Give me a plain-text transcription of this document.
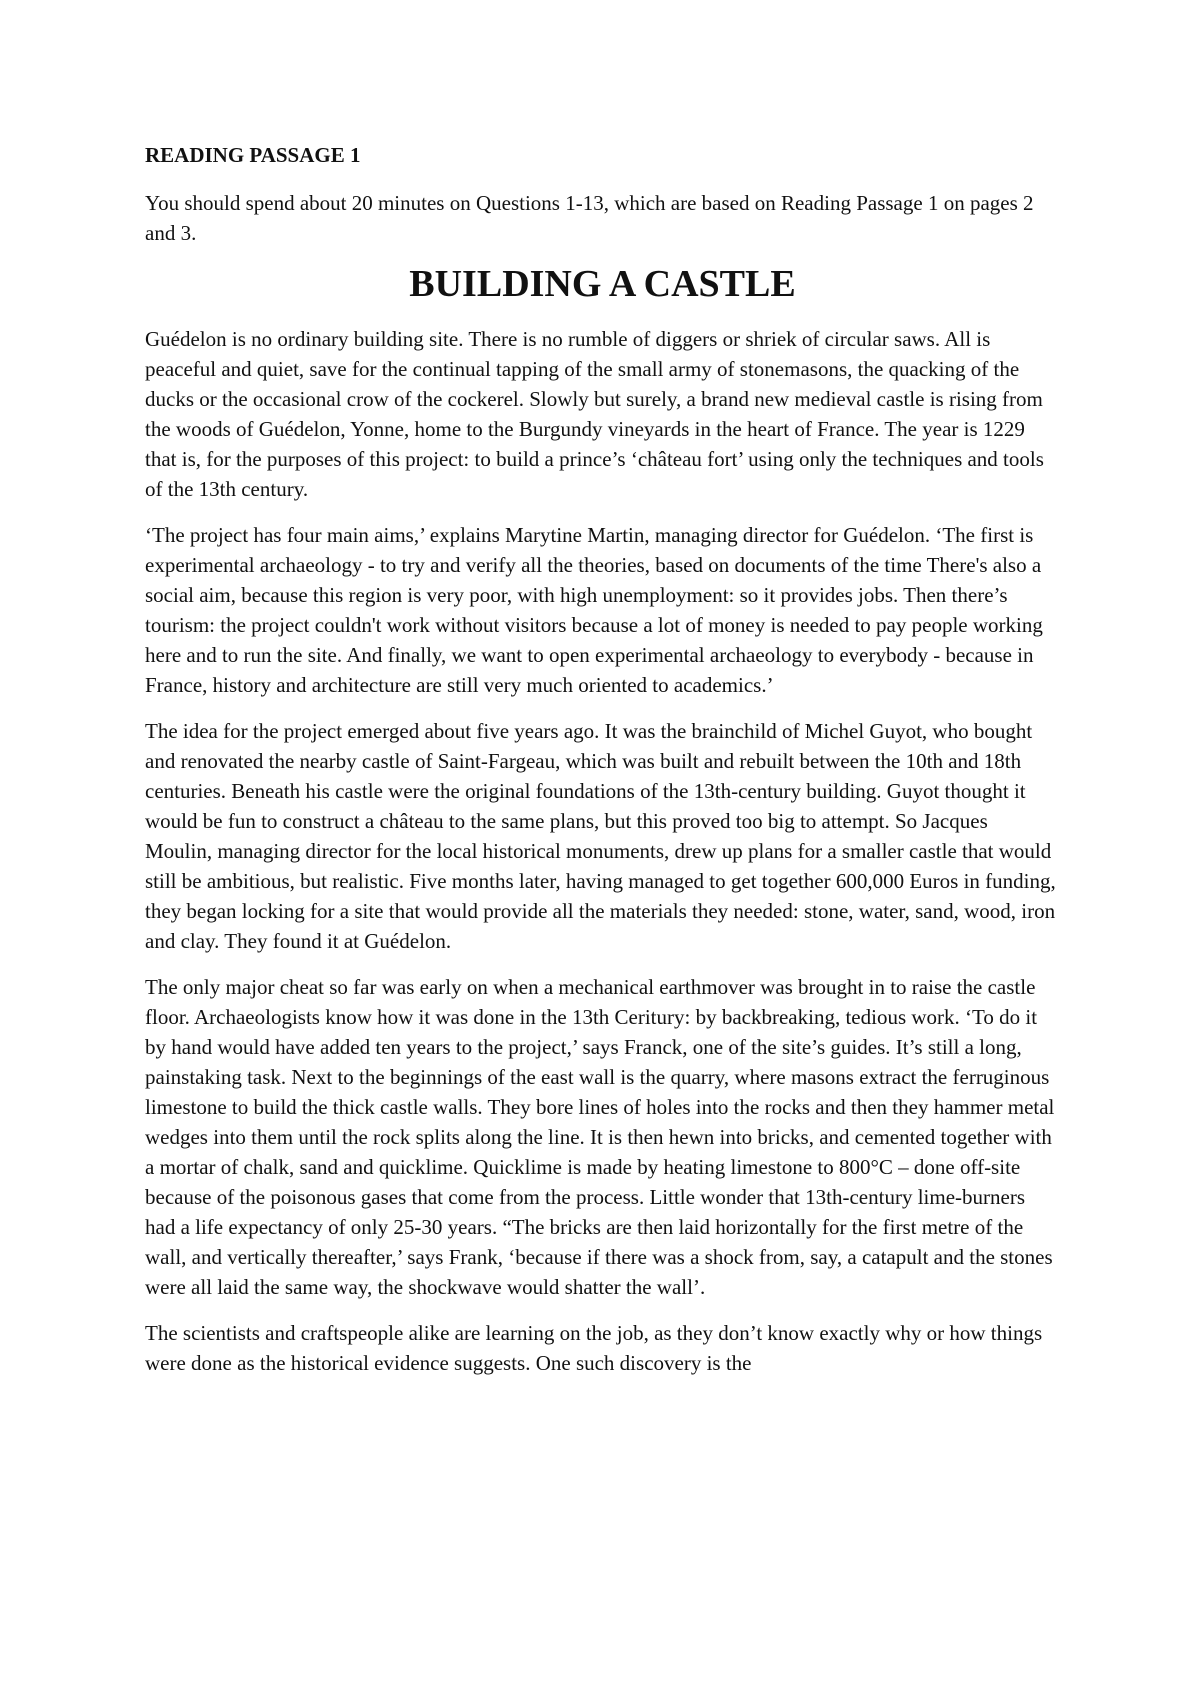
READING PASSAGE 1
You should spend about 20 minutes on Questions 1-13, which are based on Reading Passage 1 on pages 2 and 3.
BUILDING A CASTLE

Guédelon is no ordinary building site. There is no rumble of diggers or shriek of circular saws. All is peaceful and quiet, save for the continual tapping of the small army of stonemasons, the quacking of the ducks or the occasional crow of the cockerel. Slowly but surely, a brand new medieval castle is rising from the woods of Guédelon, Yonne, home to the Burgundy vineyards in the heart of France. The year is 1229 that is, for the purposes of this project: to build a prince’s ‘château fort’ using only the techniques and tools of the 13th century.

‘The project has four main aims,’ explains Marytine Martin, managing director for Guédelon. ‘The first is experimental archaeology - to try and verify all the theories, based on documents of the time There's also a social aim, because this region is very poor, with high unemployment: so it provides jobs. Then there’s tourism: the project couldn't work without visitors because a lot of money is needed to pay people working here and to run the site. And finally, we want to open experimental archaeology to everybody - because in France, history and architecture are still very much oriented to academics.’

The idea for the project emerged about five years ago. It was the brainchild of Michel Guyot, who bought and renovated the nearby castle of Saint-Fargeau, which was built and rebuilt between the 10th and 18th centuries. Beneath his castle were the original foundations of the 13th-century building. Guyot thought it would be fun to construct a château to the same plans, but this proved too big to attempt. So Jacques Moulin, managing director for the local historical monuments, drew up plans for a smaller castle that would still be ambitious, but realistic. Five months later, having managed to get together 600,000 Euros in funding, they began locking for a site that would provide all the materials they needed: stone, water, sand, wood, iron and clay. They found it at Guédelon.

The only major cheat so far was early on when a mechanical earthmover was brought in to raise the castle floor. Archaeologists know how it was done in the 13th Ceritury: by backbreaking, tedious work. ‘To do it by hand would have added ten years to the project,’ says Franck, one of the site’s guides. It’s still a long, painstaking task. Next to the beginnings of the east wall is the quarry, where masons extract the ferruginous limestone to build the thick castle walls. They bore lines of holes into the rocks and then they hammer metal wedges into them until the rock splits along the line. It is then hewn into bricks, and cemented together with a mortar of chalk, sand and quicklime. Quicklime is made by heating limestone to 800°C – done off-site because of the poisonous gases that come from the process. Little wonder that 13th-century lime-burners had a life expectancy of only 25-30 years. “The bricks are then laid horizontally for the first metre of the wall, and vertically thereafter,’ says Frank, ‘because if there was a shock from, say, a catapult and the stones were all laid the same way, the shockwave would shatter the wall’.

The scientists and craftspeople alike are learning on the job, as they don’t know exactly why or how things were done as the historical evidence suggests. One such discovery is the
